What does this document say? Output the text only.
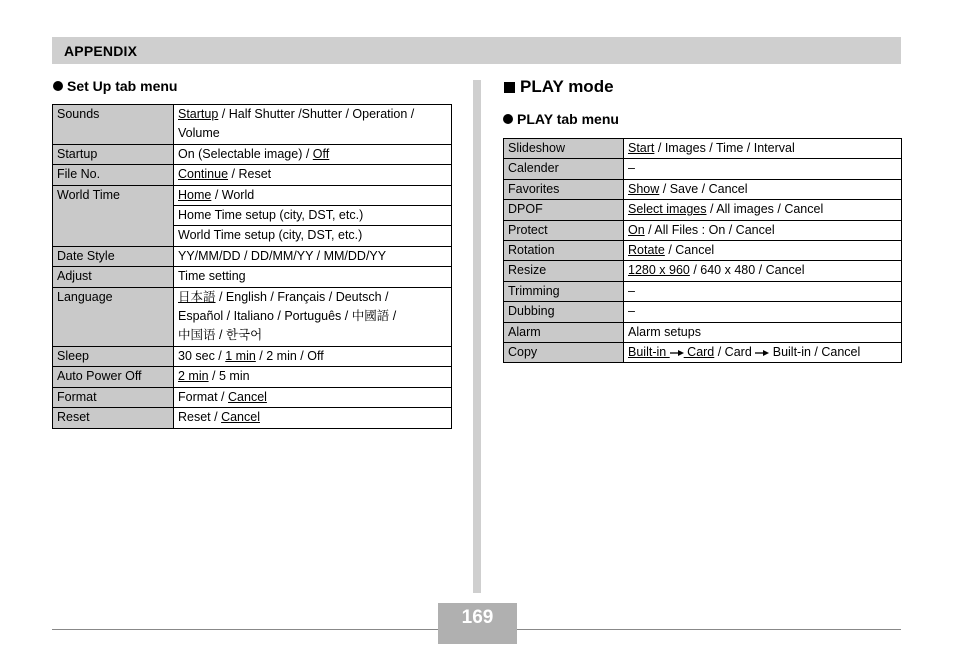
APPENDIX
Set Up tab menu
Sounds	Startup / Half Shutter /Shutter / Operation /
Volume

Startup	On (Selectable image) / Off

File No.	Continue / Reset

World Time	Home / World

	Home Time setup (city, DST, etc.)

	World Time setup (city, DST, etc.)

Date Style	YY/MM/DD / DD/MM/YY / MM/DD/YY

Adjust	Time setting

Language	日本語 / English / Français / Deutsch /
Español / Italiano / Português / 中國語 /
中国语 / 한국어

Sleep	30 sec / 1 min / 2 min / Off

Auto Power Off	2 min / 5 min

Format	Format / Cancel

Reset	Reset / Cancel
PLAY mode
PLAY tab menu
Slideshow	Start / Images / Time / Interval

Calender	–

Favorites	Show / Save / Cancel

DPOF	Select images / All images / Cancel

Protect	On / All Files : On / Cancel

Rotation	Rotate / Cancel

Resize	1280 x 960 / 640 x 480 / Cancel

Trimming	–

Dubbing	–

Alarm	Alarm setups

Copy	Built-in  Card / Card  Built-in / Cancel
169
